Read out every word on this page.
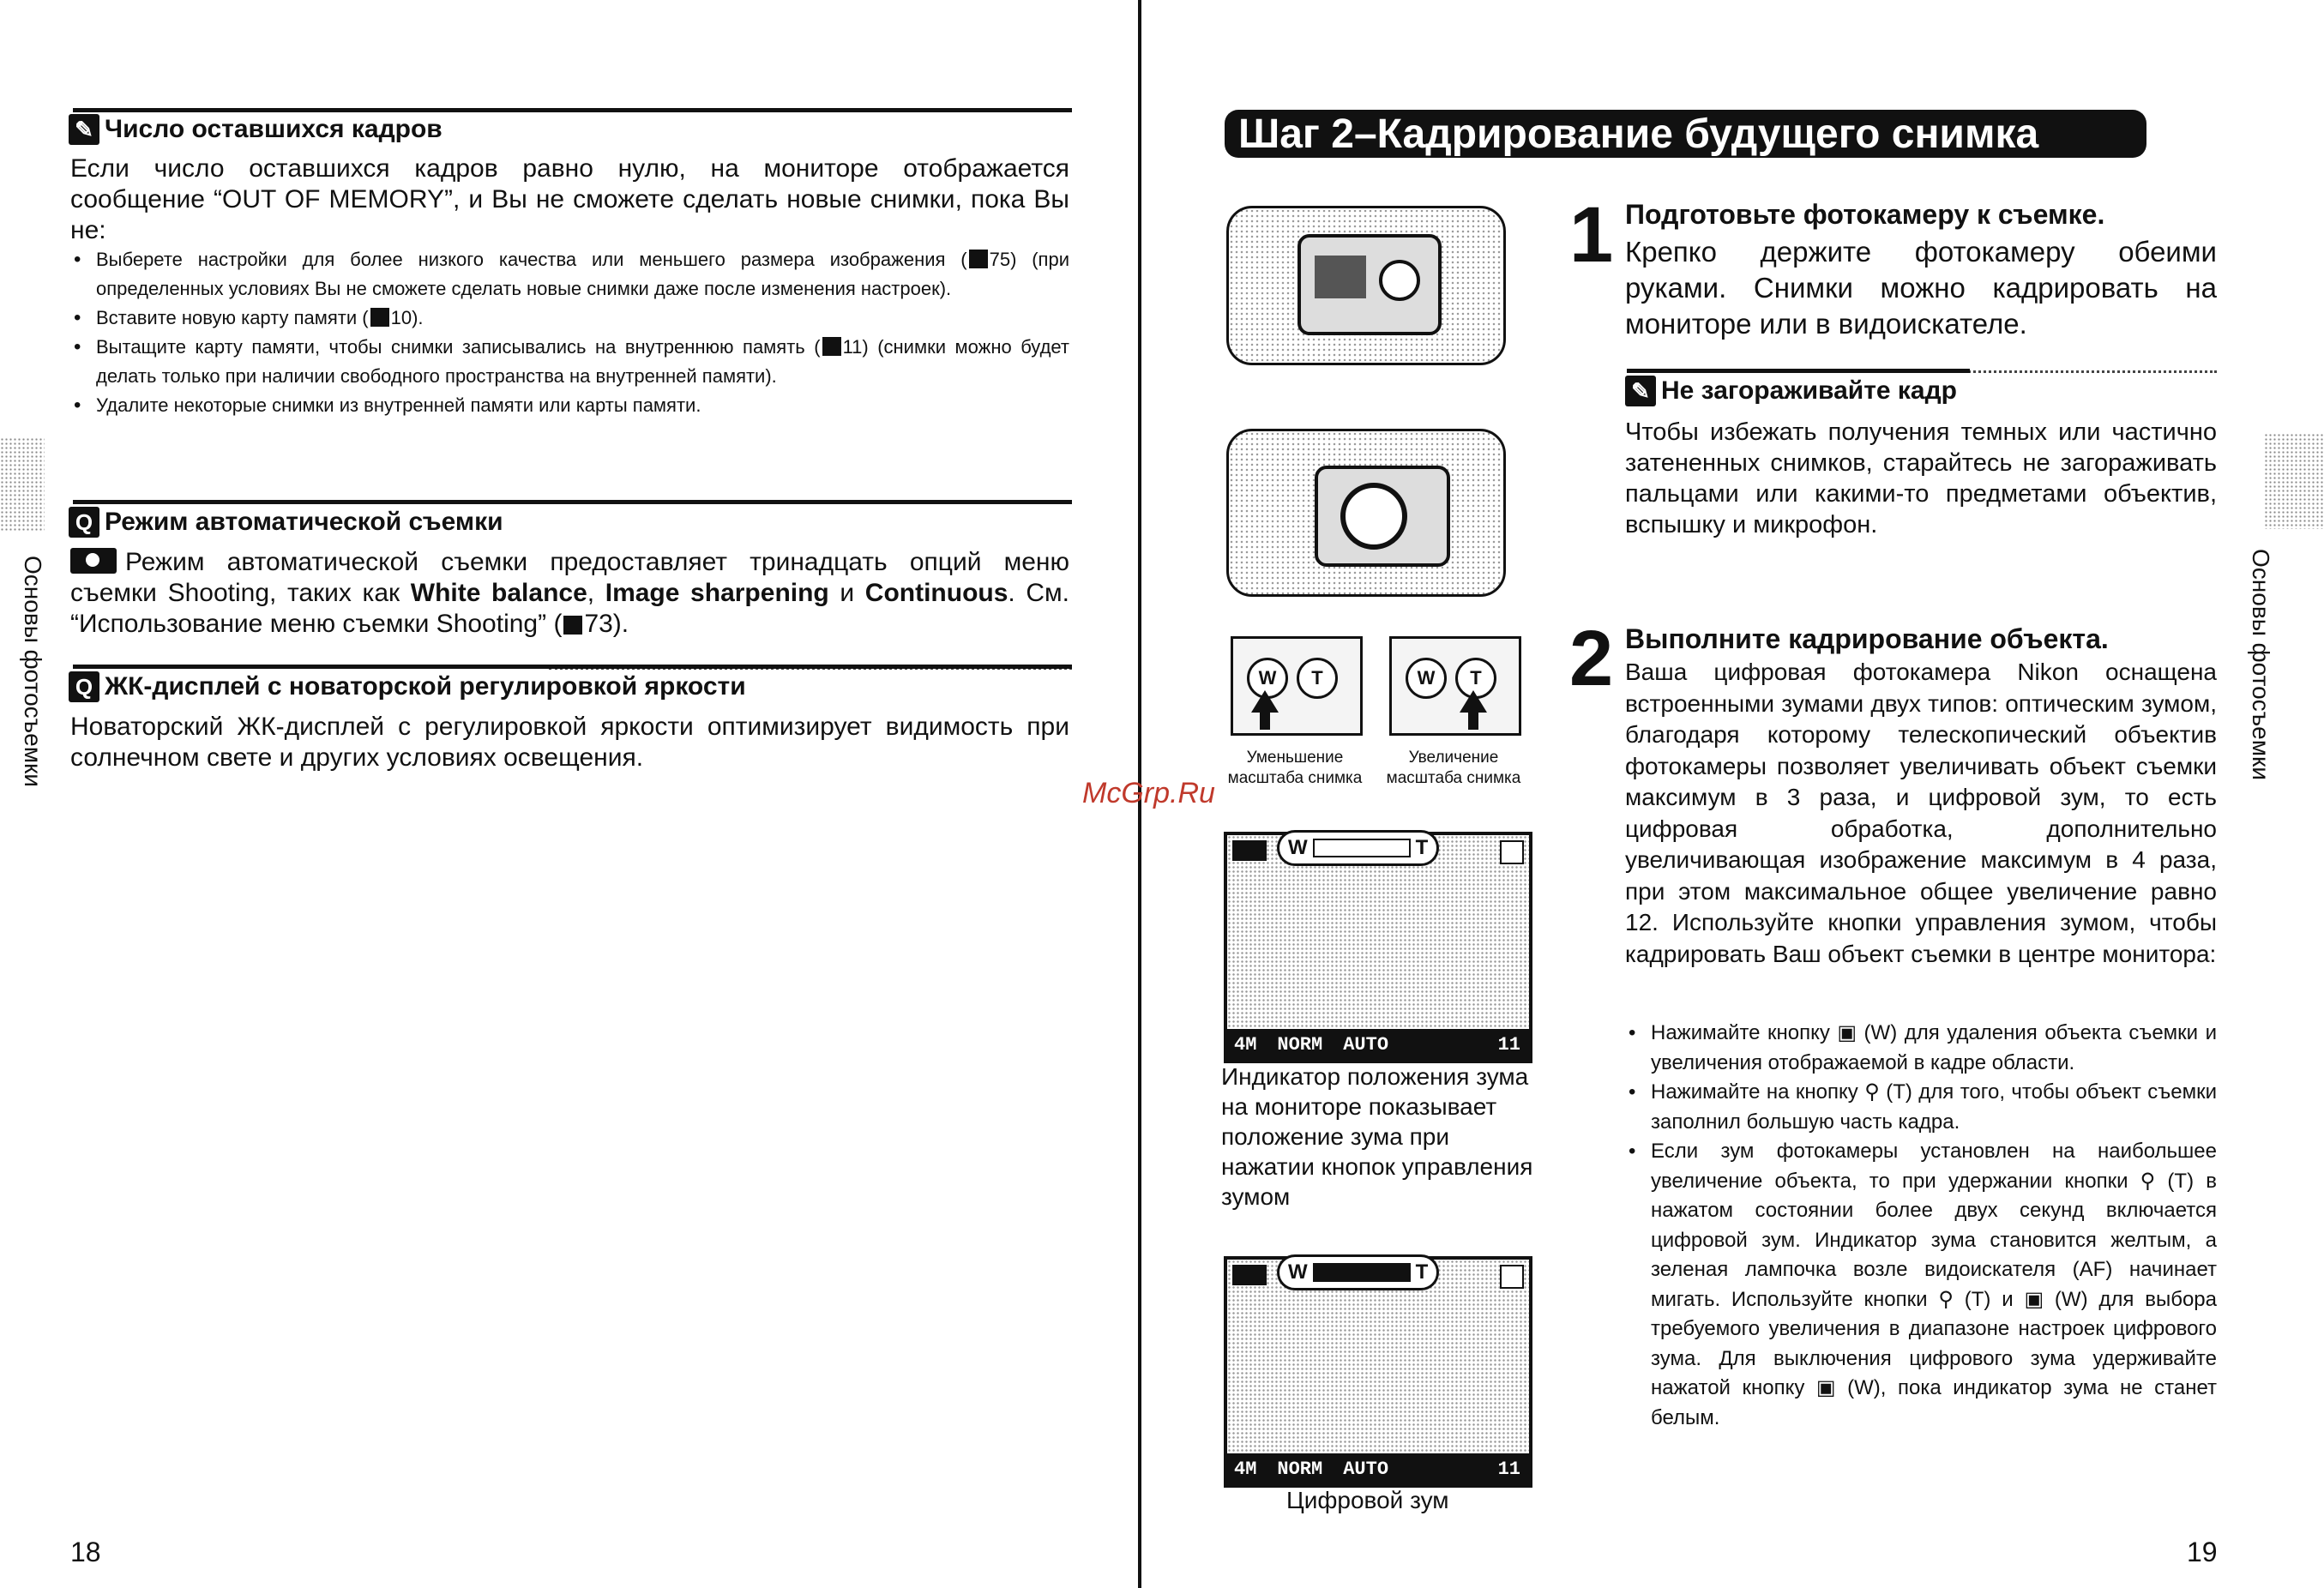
✎ Число оставшихся кадров
Если число оставшихся кадров равно нулю, на мониторе отображается сообщение “OUT OF MEMORY”, и Вы не сможете сделать новые снимки, пока Вы не:
• Выберете настройки для более низкого качества или меньшего размера изображения ( 75) (при определенных условиях Вы не сможете сделать новые снимки даже после изменения настроек).
• Вставите новую карту памяти ( 10).
• Вытащите карту памяти, чтобы снимки записывались на внутреннюю память ( 11) (снимки можно будет делать только при наличии свободного пространства на внутренней памяти).
• Удалите некоторые снимки из внутренней памяти или карты памяти.
Q Режим автоматической съемки
Режим автоматической съемки предоставляет тринадцать опций меню съемки Shooting, таких как White balance, Image sharpening и Continuous. См. “Использование меню съемки Shooting” ( 73).
Q ЖК-дисплей с новаторской регулировкой яркости
Новаторский ЖК-дисплей с регулировкой яркости оптимизирует видимость при солнечном свете и других условиях освещения.
Основы фотосъемки
18
Шаг 2–Кадрирование будущего снимка
W	T	W	T
Уменьшение масштаба снимка
Увеличение масштаба снимка
W	T
4M NORM AUTO	11
Индикатор положения зума на мониторе показывает положение зума при нажатии кнопок управления зумом
W	T
4M NORM AUTO	11
Цифровой зум
McGrp.Ru
1 Подготовьте фотокамеру к съемке.
Крепко держите фотокамеру обеими руками. Снимки можно кадрировать на мониторе или в видоискателе.
✎ Не загораживайте кадр
Чтобы избежать получения темных или частично затененных снимков, старайтесь не загораживать пальцами или какими-то предметами объектив, вспышку и микрофон.
2 Выполните кадрирование объекта.
Ваша цифровая фотокамера Nikon оснащена встроенными зумами двух типов: оптическим зумом, благодаря которому телескопический объектив фотокамеры позволяет увеличивать объект съемки максимум в 3 раза, и цифровой зум, то есть цифровая обработка, дополнительно увеличивающая изображение максимум в 4 раза, при этом максимальное общее увеличение равно 12. Используйте кнопки управления зумом, чтобы кадрировать Ваш объект съемки в центре монитора:
• Нажимайте кнопку ▣ (W) для удаления объекта съемки и увеличения отображаемой в кадре области.
• Нажимайте на кнопку ⚲ (T) для того, чтобы объект съемки заполнил большую часть кадра.
• Если зум фотокамеры установлен на наибольшее увеличение объекта, то при удержании кнопки ⚲ (T) в нажатом состоянии более двух секунд включается цифровой зум. Индикатор зума становится желтым, а зеленая лампочка возле видоискателя (AF) начинает мигать. Используйте кнопки ⚲ (T) и ▣ (W) для выбора требуемого увеличения в диапазоне настроек цифрового зума. Для выключения цифрового зума удерживайте нажатой кнопку ▣ (W), пока индикатор зума не станет белым.
Основы фотосъемки
19
